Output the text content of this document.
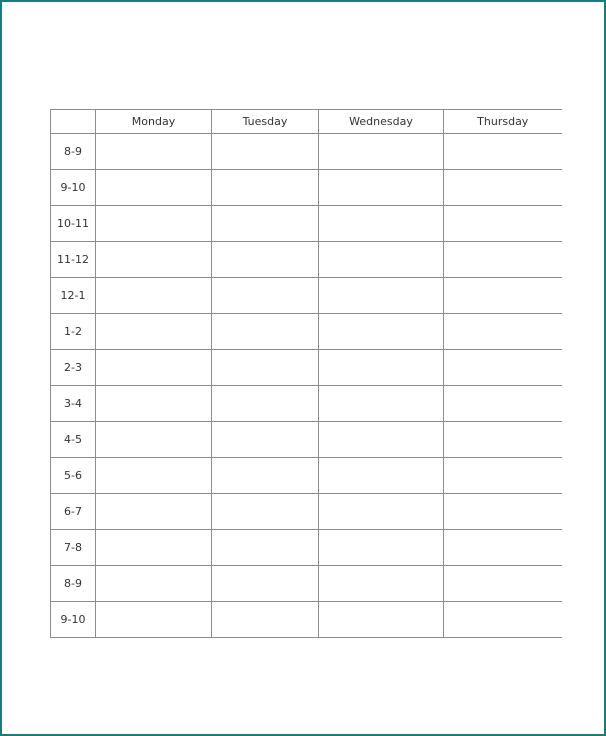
	Monday	Tuesday	Wednesday	Thursday
8-9				
9-10				
10-11				
11-12				
12-1				
1-2				
2-3				
3-4				
4-5				
5-6				
6-7				
7-8				
8-9				
9-10				
